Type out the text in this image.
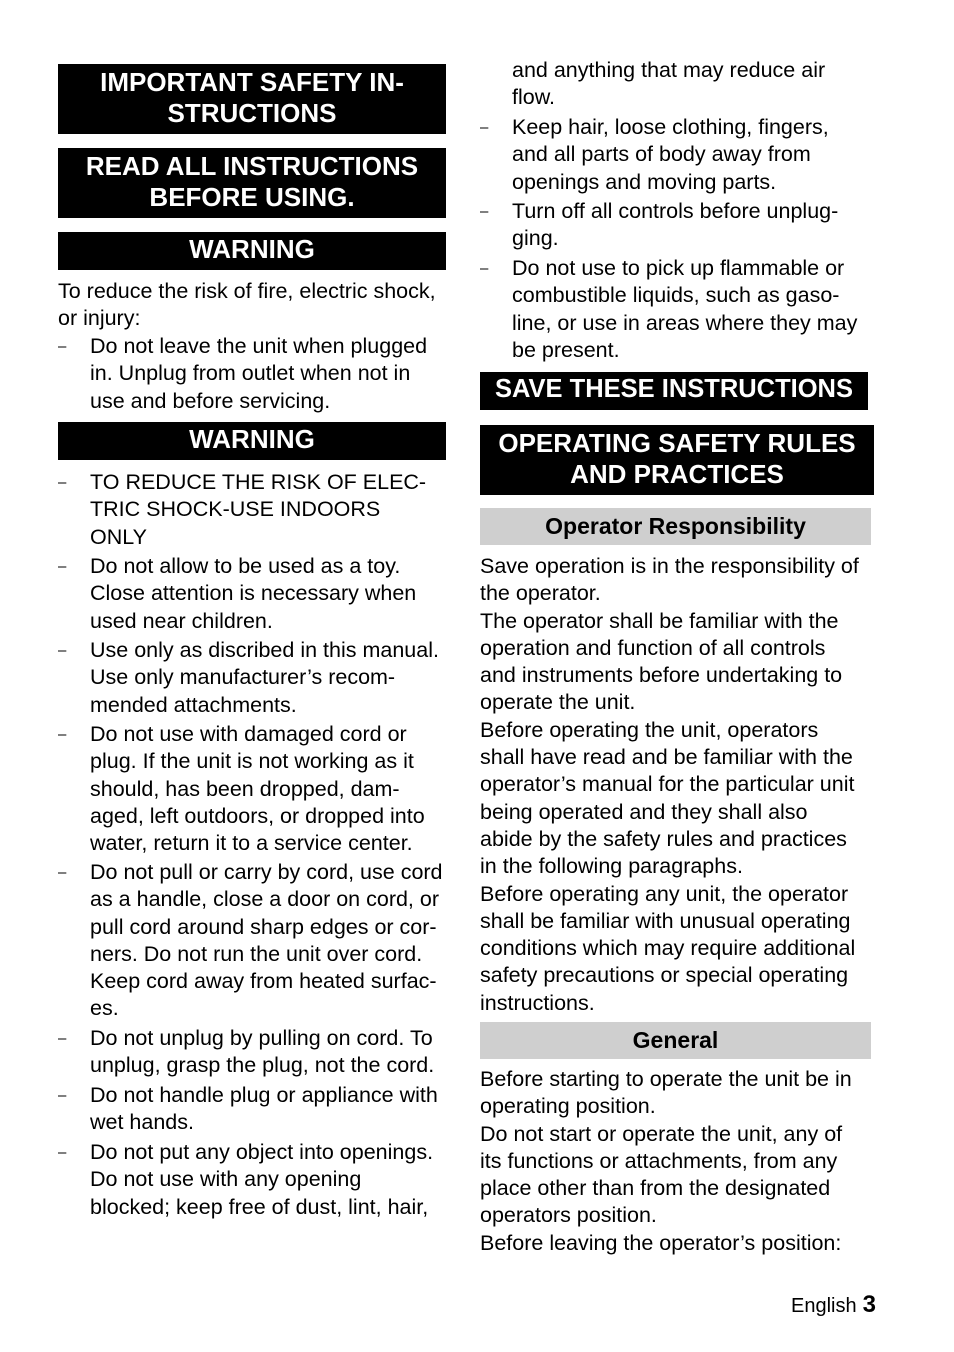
IMPORTANT SAFETY IN-
STRUCTIONS
READ ALL INSTRUCTIONS
BEFORE USING.
WARNING

To reduce the risk of fire, electric shock,
or injury:

– Do not leave the unit when plugged
in. Unplug from outlet when not in
use and before servicing.
WARNING
– TO REDUCE THE RISK OF ELEC-
TRIC SHOCK-USE INDOORS
ONLY
– Do not allow to be used as a toy.
Close attention is necessary when
used near children.
– Use only as discribed in this manual.
Use only manufacturer’s recom-
mended attachments.
– Do not use with damaged cord or
plug. If the unit is not working as it
should, has been dropped, dam-
aged, left outdoors, or dropped into
water, return it to a service center.
– Do not pull or carry by cord, use cord
as a handle, close a door on cord, or
pull cord around sharp edges or cor-
ners. Do not run the unit over cord.
Keep cord away from heated surfac-
es.
– Do not unplug by pulling on cord. To
unplug, grasp the plug, not the cord.
– Do not handle plug or appliance with
wet hands.
– Do not put any object into openings.
Do not use with any opening
blocked; keep free of dust, lint, hair,
and anything that may reduce air
flow.
– Keep hair, loose clothing, fingers,
and all parts of body away from
openings and moving parts.
– Turn off all controls before unplug-
ging.
– Do not use to pick up flammable or
combustible liquids, such as gaso-
line, or use in areas where they may
be present.
SAVE THESE INSTRUCTIONS
OPERATING SAFETY RULES
AND PRACTICES
Operator Responsibility

Save operation is in the responsibility of
the operator.
The operator shall be familiar with the
operation and function of all controls
and instruments before undertaking to
operate the unit.
Before operating the unit, operators
shall have read and be familiar with the
operator’s manual for the particular unit
being operated and they shall also
abide by the safety rules and practices
in the following paragraphs.
Before operating any unit, the operator
shall be familiar with unusual operating
conditions which may require additional
safety precautions or special operating
instructions.

General

Before starting to operate the unit be in
operating position.
Do not start or operate the unit, any of
its functions or attachments, from any
place other than from the designated
operators position.
Before leaving the operator’s position:

English 3
